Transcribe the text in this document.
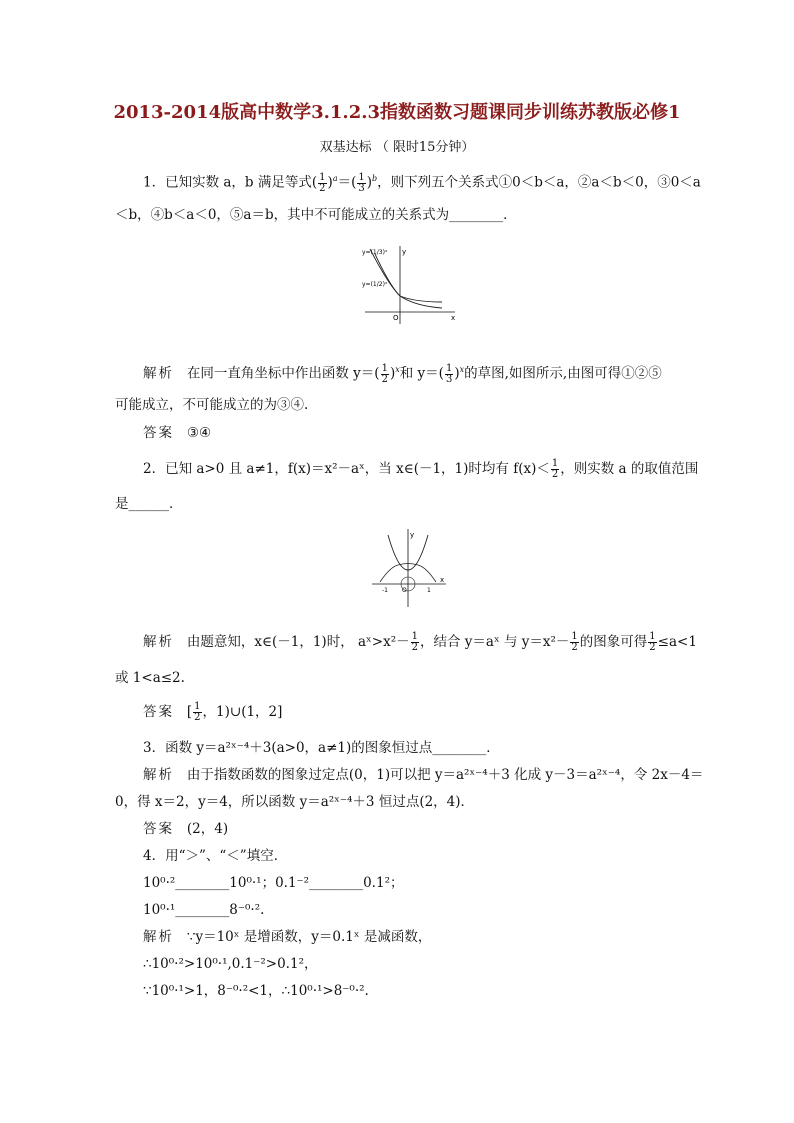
2013-2014版高中数学3.1.2.3指数函数习题课同步训练苏教版必修1
双基达标 （ 限时15分钟）
1．已知实数 a，b 满足等式( $\frac{1}{2} )^a=( \frac{1}{3} )^b$，则下列五个关系式①0＜b＜a，②a＜b＜0，③0＜a
＜b，④b＜a＜0，⑤a＝b，其中不可能成立的关系式为________．
y=(1/3)ˣ
y=(1/2)ˣ
y
x
O
解析 在同一直角坐标中作出函数 $y=( \frac{1}{2} )^x$和 $y=( \frac{1}{3} )^x$的草图,如图所示,由图可得①②⑤
可能成立，不可能成立的为③④.
答案 ③④
2．已知 a>0 且 a≠1，f(x)＝x²－aˣ，当 x∈(－1，1)时均有 $f(x)< \frac{1}{2}$ ，则实数 a 的取值范围
是______．
y
x
-1	1
O
解析 由题意知，x∈(－1，1)时， aˣ>x²－ $\frac{1}{2}$ ，结合 y＝aˣ 与 $y=x^2- \frac{1}{2}$ 的图象可得 $\frac{1}{2} \le a<1$
或 1<a≤2.
答案 [ $\frac{1}{2}$ ，1)∪(1，2]
3．函数 y＝a²ˣ⁻⁴＋3(a>0，a≠1)的图象恒过点________．
解析 由于指数函数的图象过定点(0，1)可以把 y＝a²ˣ⁻⁴＋3 化成 y－3＝a²ˣ⁻⁴，令 2x－4＝
0，得 x＝2，y＝4，所以函数 y＝a²ˣ⁻⁴＋3 恒过点(2，4)．
答案 (2，4)
4．用“＞”、“＜”填空．
10⁰·²________10⁰·¹；0.1⁻²________0.1²；
10⁰·¹________8⁻⁰·².
解析 ∵y＝10ˣ 是增函数，y＝0.1ˣ 是减函数，
∴10⁰·²>10⁰·¹,0.1⁻²>0.1²，
∵10⁰·¹>1，8⁻⁰·²<1，∴10⁰·¹>8⁻⁰·².
